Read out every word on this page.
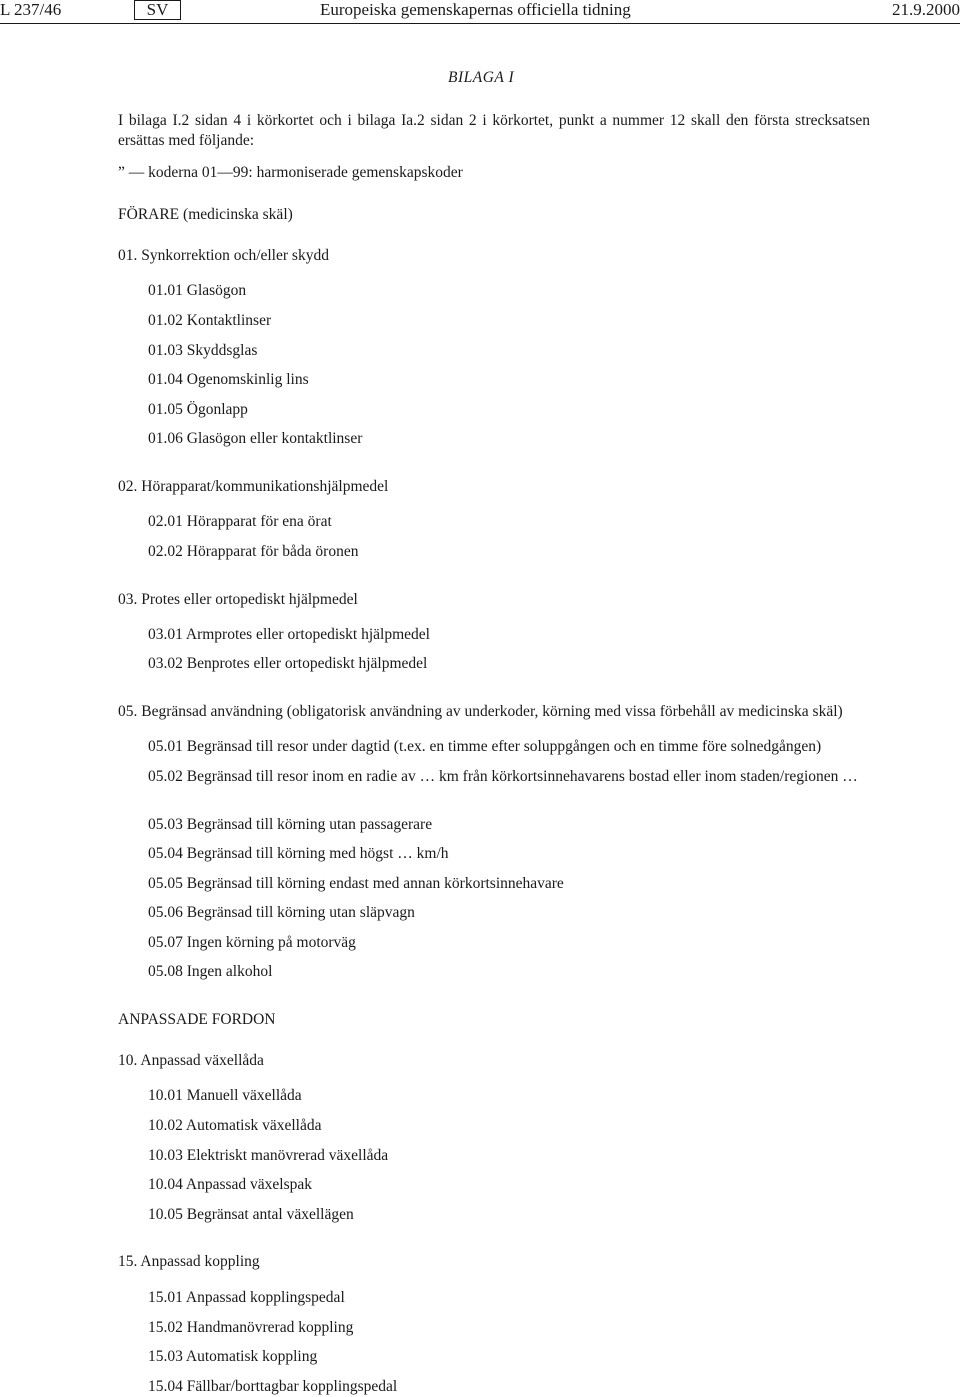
L 237/46	SV	Europeiska gemenskapernas officiella tidning	21.9.2000
BILAGA I
I bilaga I.2 sidan 4 i körkortet och i bilaga Ia.2 sidan 2 i körkortet, punkt a nummer 12 skall den första strecksatsen ersättas med följande:
” — koderna 01—99: harmoniserade gemenskapskoder
FÖRARE (medicinska skäl)
01. Synkorrektion och/eller skydd
01.01 Glasögon
01.02 Kontaktlinser
01.03 Skyddsglas
01.04 Ogenomskinlig lins
01.05 Ögonlapp
01.06 Glasögon eller kontaktlinser
02. Hörapparat/kommunikationshjälpmedel
02.01 Hörapparat för ena örat
02.02 Hörapparat för båda öronen
03. Protes eller ortopediskt hjälpmedel
03.01 Armprotes eller ortopediskt hjälpmedel
03.02 Benprotes eller ortopediskt hjälpmedel
05. Begränsad användning (obligatorisk användning av underkoder, körning med vissa förbehåll av medicinska skäl)
05.01 Begränsad till resor under dagtid (t.ex. en timme efter soluppgången och en timme före solnedgången)
05.02 Begränsad till resor inom en radie av … km från körkortsinnehavarens bostad eller inom staden/regionen …
05.03 Begränsad till körning utan passagerare
05.04 Begränsad till körning med högst … km/h
05.05 Begränsad till körning endast med annan körkortsinnehavare
05.06 Begränsad till körning utan släpvagn
05.07 Ingen körning på motorväg
05.08 Ingen alkohol
ANPASSADE FORDON
10. Anpassad växellåda
10.01 Manuell växellåda
10.02 Automatisk växellåda
10.03 Elektriskt manövrerad växellåda
10.04 Anpassad växelspak
10.05 Begränsat antal växellägen
15. Anpassad koppling
15.01 Anpassad kopplingspedal
15.02 Handmanövrerad koppling
15.03 Automatisk koppling
15.04 Fällbar/borttagbar kopplingspedal
